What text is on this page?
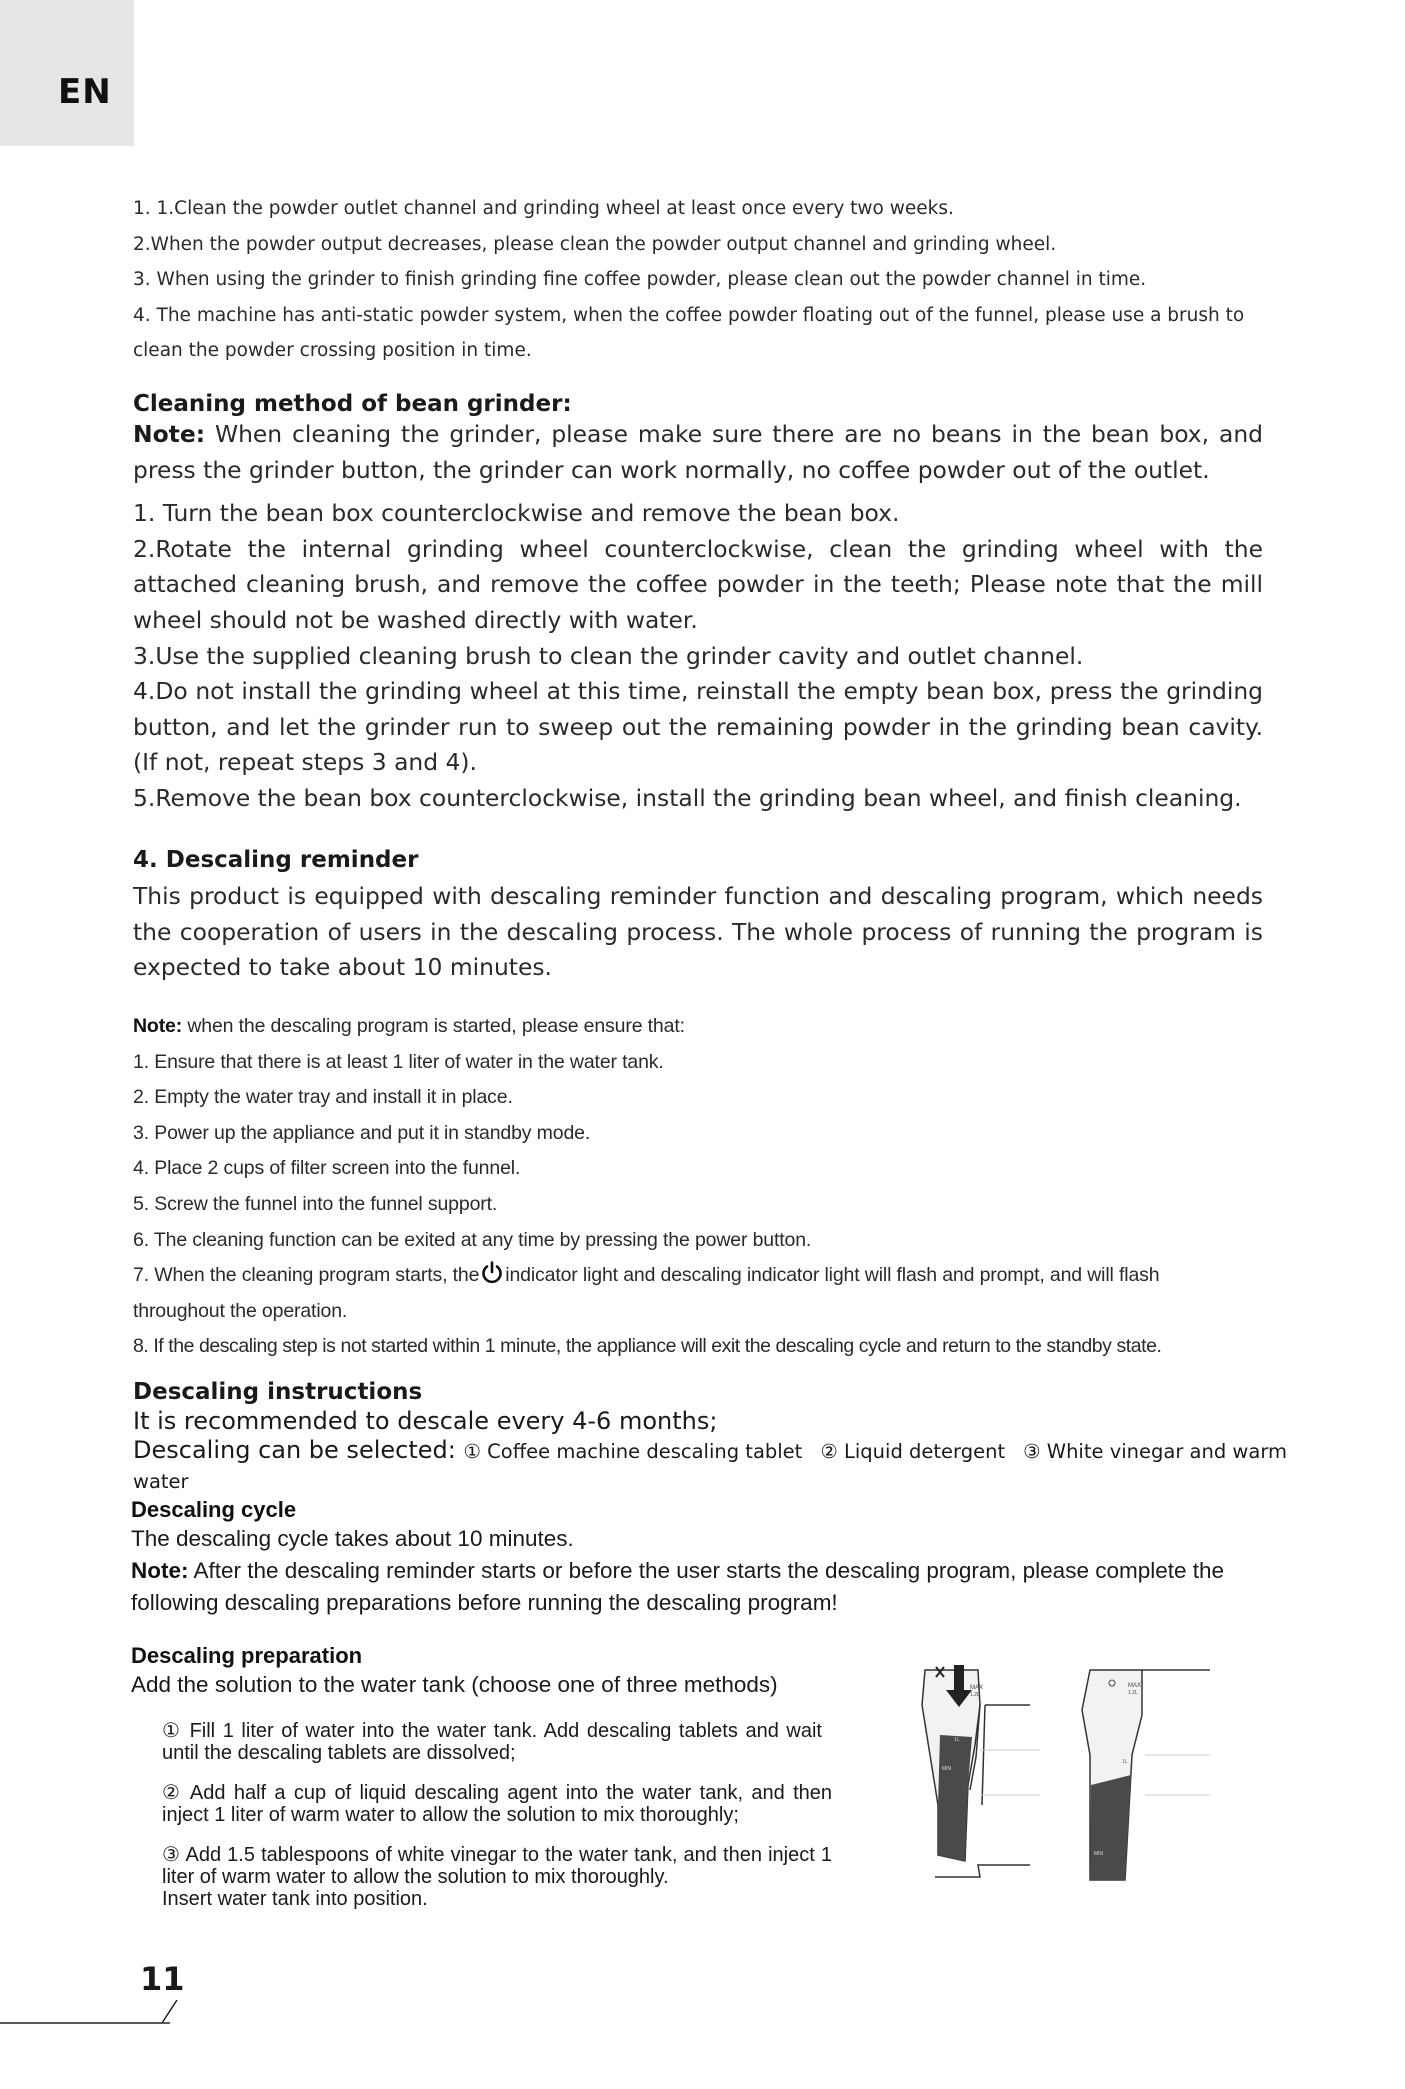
EN

1. 1.Clean the powder outlet channel and grinding wheel at least once every two weeks.

2.When the powder output decreases, please clean the powder output channel and grinding wheel.

3. When using the grinder to finish grinding fine coffee powder, please clean out the powder channel in time.

4. The machine has anti-static powder system, when the coffee powder floating out of the funnel, please use a brush to

clean the powder crossing position in time.

Cleaning method of bean grinder:

Note: When cleaning the grinder, please make sure there are no beans in the bean box, and press the grinder button, the grinder can work normally, no coffee powder out of the outlet.

1. Turn the bean box counterclockwise and remove the bean box.

2.Rotate the internal grinding wheel counterclockwise, clean the grinding wheel with the attached cleaning brush, and remove the coffee powder in the teeth; Please note that the mill wheel should not be washed directly with water.

3.Use the supplied cleaning brush to clean the grinder cavity and outlet channel.

4.Do not install the grinding wheel at this time, reinstall the empty bean box, press the grinding button, and let the grinder run to sweep out the remaining powder in the grinding bean cavity. (If not, repeat steps 3 and 4).

5.Remove the bean box counterclockwise, install the grinding bean wheel, and finish cleaning.

4. Descaling reminder

This product is equipped with descaling reminder function and descaling program, which needs the cooperation of users in the descaling process. The whole process of running the program is expected to take about 10 minutes.

Note: when the descaling program is started, please ensure that:

1. Ensure that there is at least 1 liter of water in the water tank.

2. Empty the water tray and install it in place.

3. Power up the appliance and put it in standby mode.

4. Place 2 cups of filter screen into the funnel.

5. Screw the funnel into the funnel support.

6. The cleaning function can be exited at any time by pressing the power button.

7. When the cleaning program starts, the indicator light and descaling indicator light will flash and prompt, and will flash

throughout the operation.

8. If the descaling step is not started within 1 minute, the appliance will exit the descaling cycle and return to the standby state.

Descaling instructions

It is recommended to descale every 4-6 months;

Descaling can be selected: ① Coffee machine descaling tablet ② Liquid detergent ③ White vinegar and warm water

Descaling cycle

The descaling cycle takes about 10 minutes.

Note: After the descaling reminder starts or before the user starts the descaling program, please complete the following descaling preparations before running the descaling program!

Descaling preparation

Add the solution to the water tank (choose one of three methods)

① Fill 1 liter of water into the water tank. Add descaling tablets and wait until the descaling tablets are dissolved;

② Add half a cup of liquid descaling agent into the water tank, and then inject 1 liter of warm water to allow the solution to mix thoroughly;

③ Add 1.5 tablespoons of white vinegar to the water tank, and then inject 1 liter of warm water to allow the solution to mix thoroughly.

Insert water tank into position.

MAX
1.2L
1L
MIN
MAX
1.2L
1L
MIN
11
